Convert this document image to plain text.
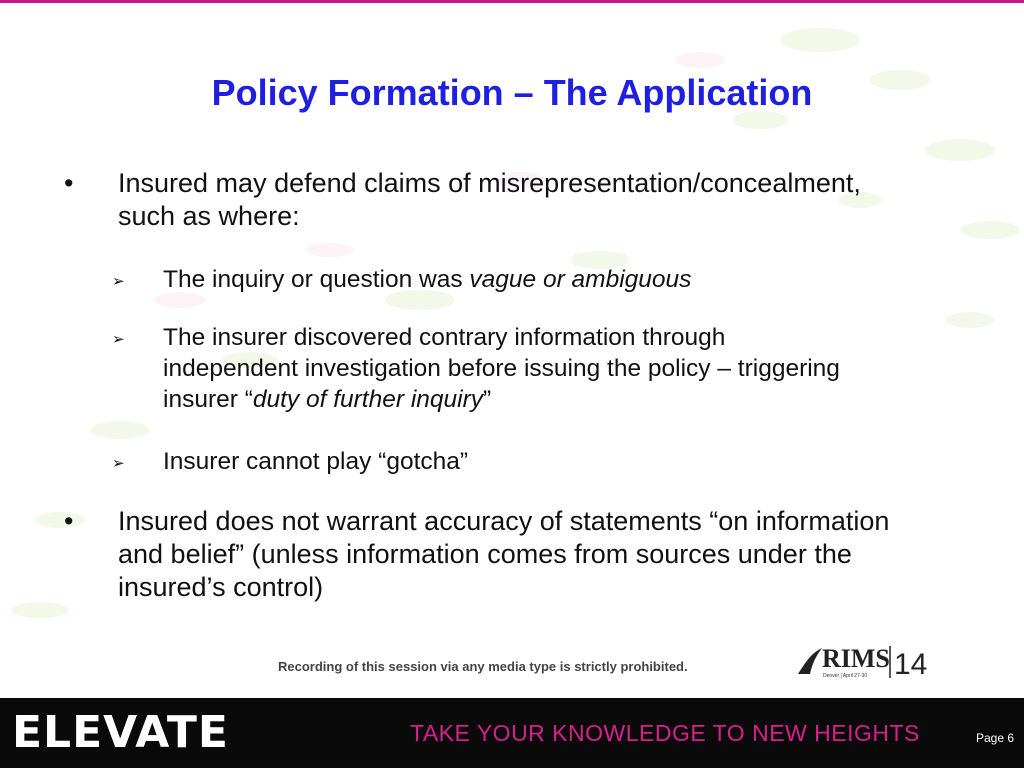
Policy Formation – The Application
•	Insured may defend claims of misrepresentation/concealment,
such as where:
➢ The inquiry or question was vague or ambiguous
➢ The insurer discovered contrary information through
independent investigation before issuing the policy – triggering
insurer “duty of further inquiry”
➢ Insurer cannot play “gotcha”
•	Insured does not warrant accuracy of statements “on information
and belief” (unless information comes from sources under the
insured’s control)
Recording of this session via any media type is strictly prohibited.	RIMS
Denver | April 27-30 14
ELEVATE	TAKE YOUR KNOWLEDGE TO NEW HEIGHTS	Page 6
